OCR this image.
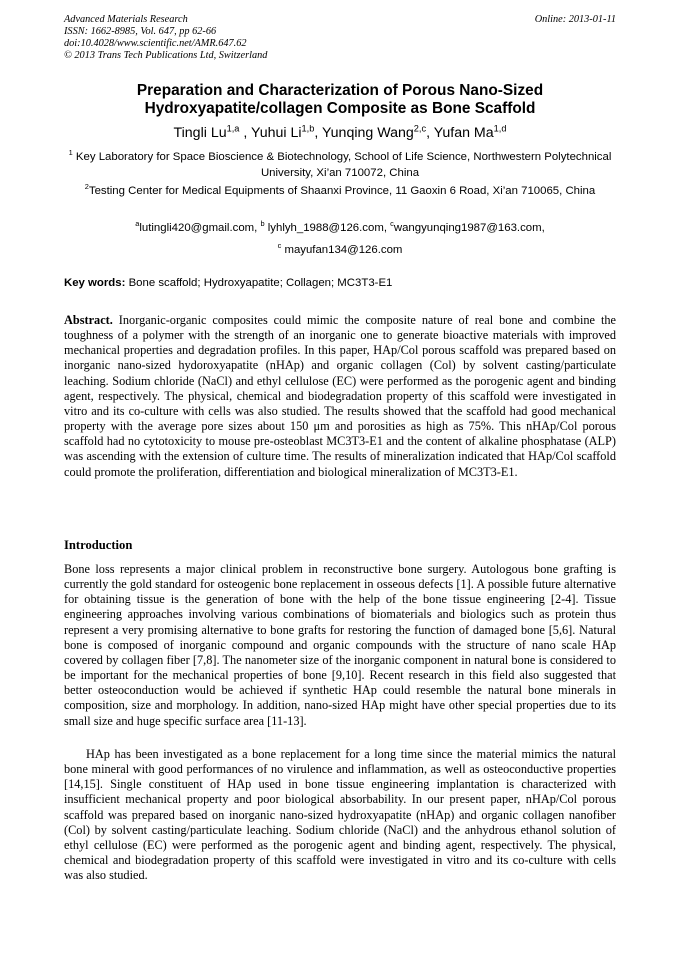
Advanced Materials Research
ISSN: 1662-8985, Vol. 647, pp 62-66
doi:10.4028/www.scientific.net/AMR.647.62
© 2013 Trans Tech Publications Ltd, Switzerland
Online: 2013-01-11
Preparation and Characterization of Porous Nano-Sized
Hydroxyapatite/collagen Composite as Bone Scaffold
Tingli Lu$^{1,a}$ , Yuhui Li$^{1,b}$, Yunqing Wang$^{2,c}$, Yufan Ma$^{1,d}$
$^1$ Key Laboratory for Space Bioscience & Biotechnology, School of Life Science, Northwestern Polytechnical University, Xi’an 710072, China
$^2$Testing Center for Medical Equipments of Shaanxi Province, 11 Gaoxin 6 Road, Xi’an 710065, China
$^a$lutingli420@gmail.com, $^b$ lyhlyh_1988@126.com, $^c$wangyunqing1987@163.com,
$^c$ mayufan134@126.com
Key words: Bone scaffold; Hydroxyapatite; Collagen; MC3T3-E1
Abstract. Inorganic-organic composites could mimic the composite nature of real bone and combine the toughness of a polymer with the strength of an inorganic one to generate bioactive materials with improved mechanical properties and degradation profiles. In this paper, HAp/Col porous scaffold was prepared based on inorganic nano-sized hydoroxyapatite (nHAp) and organic collagen (Col) by solvent casting/particulate leaching. Sodium chloride (NaCl) and ethyl cellulose (EC) were performed as the porogenic agent and binding agent, respectively. The physical, chemical and biodegradation property of this scaffold were investigated in vitro and its co-culture with cells was also studied. The results showed that the scaffold had good mechanical property with the average pore sizes about 150 μm and porosities as high as 75%. This nHAp/Col porous scaffold had no cytotoxicity to mouse pre-osteoblast MC3T3-E1 and the content of alkaline phosphatase (ALP) was ascending with the extension of culture time. The results of mineralization indicated that HAp/Col scaffold could promote the proliferation, differentiation and biological mineralization of MC3T3-E1.
Introduction
Bone loss represents a major clinical problem in reconstructive bone surgery. Autologous bone grafting is currently the gold standard for osteogenic bone replacement in osseous defects [1]. A possible future alternative for obtaining tissue is the generation of bone with the help of the bone tissue engineering [2-4]. Tissue engineering approaches involving various combinations of biomaterials and biologics such as protein thus represent a very promising alternative to bone grafts for restoring the function of damaged bone [5,6]. Natural bone is composed of inorganic compound and organic compounds with the structure of nano scale HAp covered by collagen fiber [7,8]. The nanometer size of the inorganic component in natural bone is considered to be important for the mechanical properties of bone [9,10]. Recent research in this field also suggested that better osteoconduction would be achieved if synthetic HAp could resemble the natural bone minerals in composition, size and morphology. In addition, nano-sized HAp might have other special properties due to its small size and huge specific surface area [11-13].
HAp has been investigated as a bone replacement for a long time since the material mimics the natural bone mineral with good performances of no virulence and inflammation, as well as osteoconductive properties [14,15]. Single constituent of HAp used in bone tissue engineering implantation is characterized with insufficient mechanical property and poor biological absorbability. In our present paper, nHAp/Col porous scaffold was prepared based on inorganic nano-sized hydroxyapatite (nHAp) and organic collagen nanofiber (Col) by solvent casting/particulate leaching. Sodium chloride (NaCl) and the anhydrous ethanol solution of ethyl cellulose (EC) were performed as the porogenic agent and binding agent, respectively. The physical, chemical and biodegradation property of this scaffold were investigated in vitro and its co-culture with cells was also studied.
